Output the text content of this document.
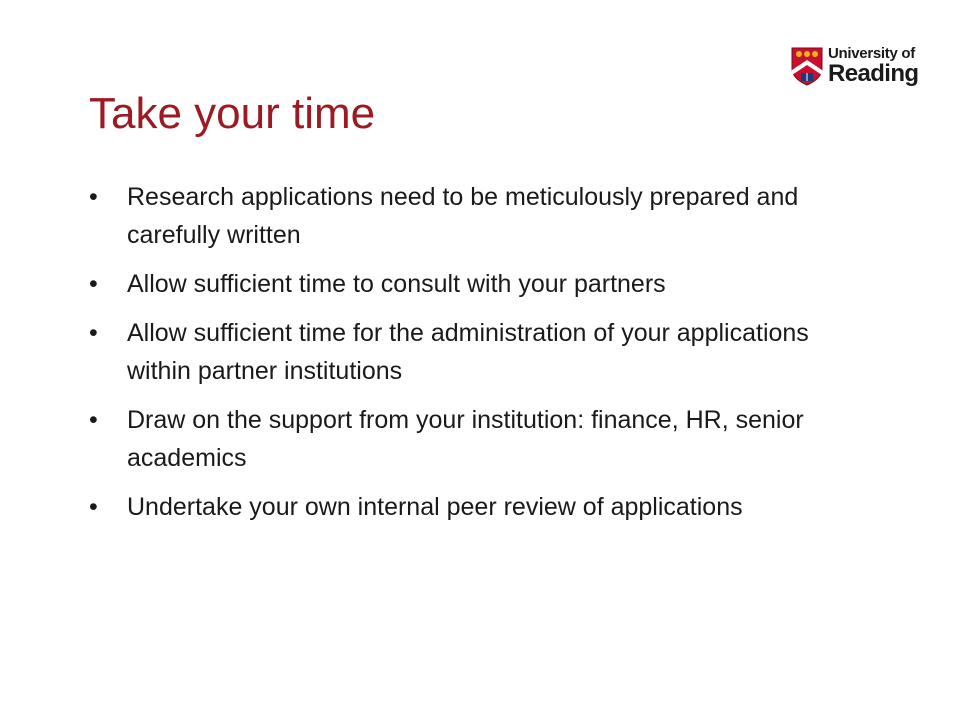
University of
Reading
Take your time
•	Research applications need to be meticulously prepared and carefully written
•	Allow sufficient time to consult with your partners
•	Allow sufficient time for the administration of your applications within partner institutions
•	Draw on the support from your institution: finance, HR, senior academics
•	Undertake your own internal peer review of applications
